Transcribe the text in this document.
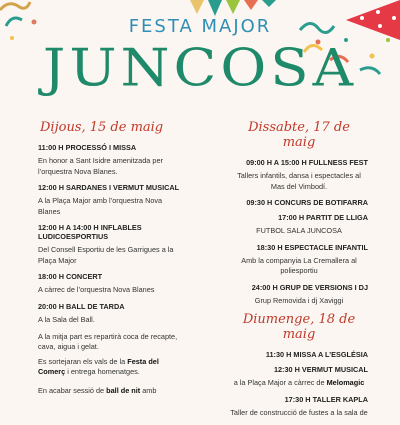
FESTA MAJOR
JUNCOSA
Dijous, 15 de maig
11:00 H PROCESSÓ I MISSA
En honor a Sant Isidre amenitzada per l’orquestra Nova Blanes.
12:00 H SARDANES I VERMUT MUSICAL
A la Plaça Major amb l’orquestra Nova Blanes
12:00 H A 14:00 H INFLABLES LUDICOESPORTIUS
Del Consell Esportiu de les Garrigues a la Plaça Major
18:00 H CONCERT
A càrrec de l’orquestra Nova Blanes
20:00 H BALL DE TARDA
A la Sala del Ball.
A la mitja part es repartirà coca de recapte, cava, aigua i gelat.
Es sortejaran els vals de la Festa del Comerç i entrega homenatges.
En acabar sessió de ball de nit amb
Dissabte, 17 de maig
09:00 H A 15:00 H FULLNESS FEST
Tallers infantils, dansa i espectacles al Mas del Vimbodí.
09:30 H CONCURS DE BOTIFARRA
17:00 H PARTIT DE LLIGA
FUTBOL SALA JUNCOSA
18:30 H ESPECTACLE INFANTIL
Amb la companyia La Cremallera al poliesportiu
24:00 H GRUP DE VERSIONS I DJ
Grup Removida i dj Xaviggi
Diumenge, 18 de maig
11:30 H MISSA A L’ESGLÉSIA
12:30 H VERMUT MUSICAL
a la Plaça Major a càrrec de Melomagic
17:30 H TALLER KAPLA
Taller de construcció de fustes a la sala de
